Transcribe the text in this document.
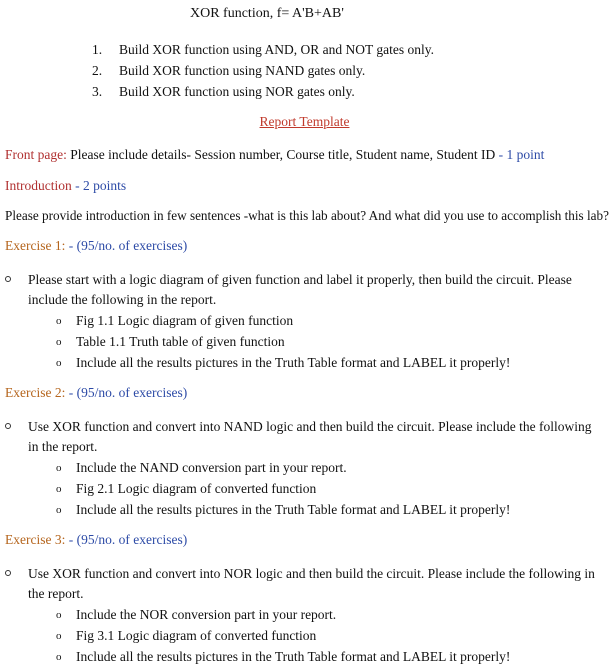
XOR function, f= A'B+AB'
1.	Build XOR function using AND, OR and NOT gates only.
2.	Build XOR function using NAND gates only.
3.	Build XOR function using NOR gates only.
Report Template
Front page: Please include details- Session number, Course title, Student name, Student ID - 1 point
Introduction - 2 points
Please provide introduction in few sentences -what is this lab about? And what did you use to accomplish this lab?
Exercise 1: - (95/no. of exercises)
Please start with a logic diagram of given function and label it properly, then build the circuit. Please include the following in the report.
o	Fig 1.1 Logic diagram of given function
o	Table 1.1 Truth table of given function
o	Include all the results pictures in the Truth Table format and LABEL it properly!
Exercise 2: - (95/no. of exercises)
Use XOR function and convert into NAND logic and then build the circuit. Please include the following in the report.
o	Include the NAND conversion part in your report.
o	Fig 2.1 Logic diagram of converted function
o	Include all the results pictures in the Truth Table format and LABEL it properly!
Exercise 3: - (95/no. of exercises)
Use XOR function and convert into NOR logic and then build the circuit. Please include the following in the report.
o	Include the NOR conversion part in your report.
o	Fig 3.1 Logic diagram of converted function
o	Include all the results pictures in the Truth Table format and LABEL it properly!
